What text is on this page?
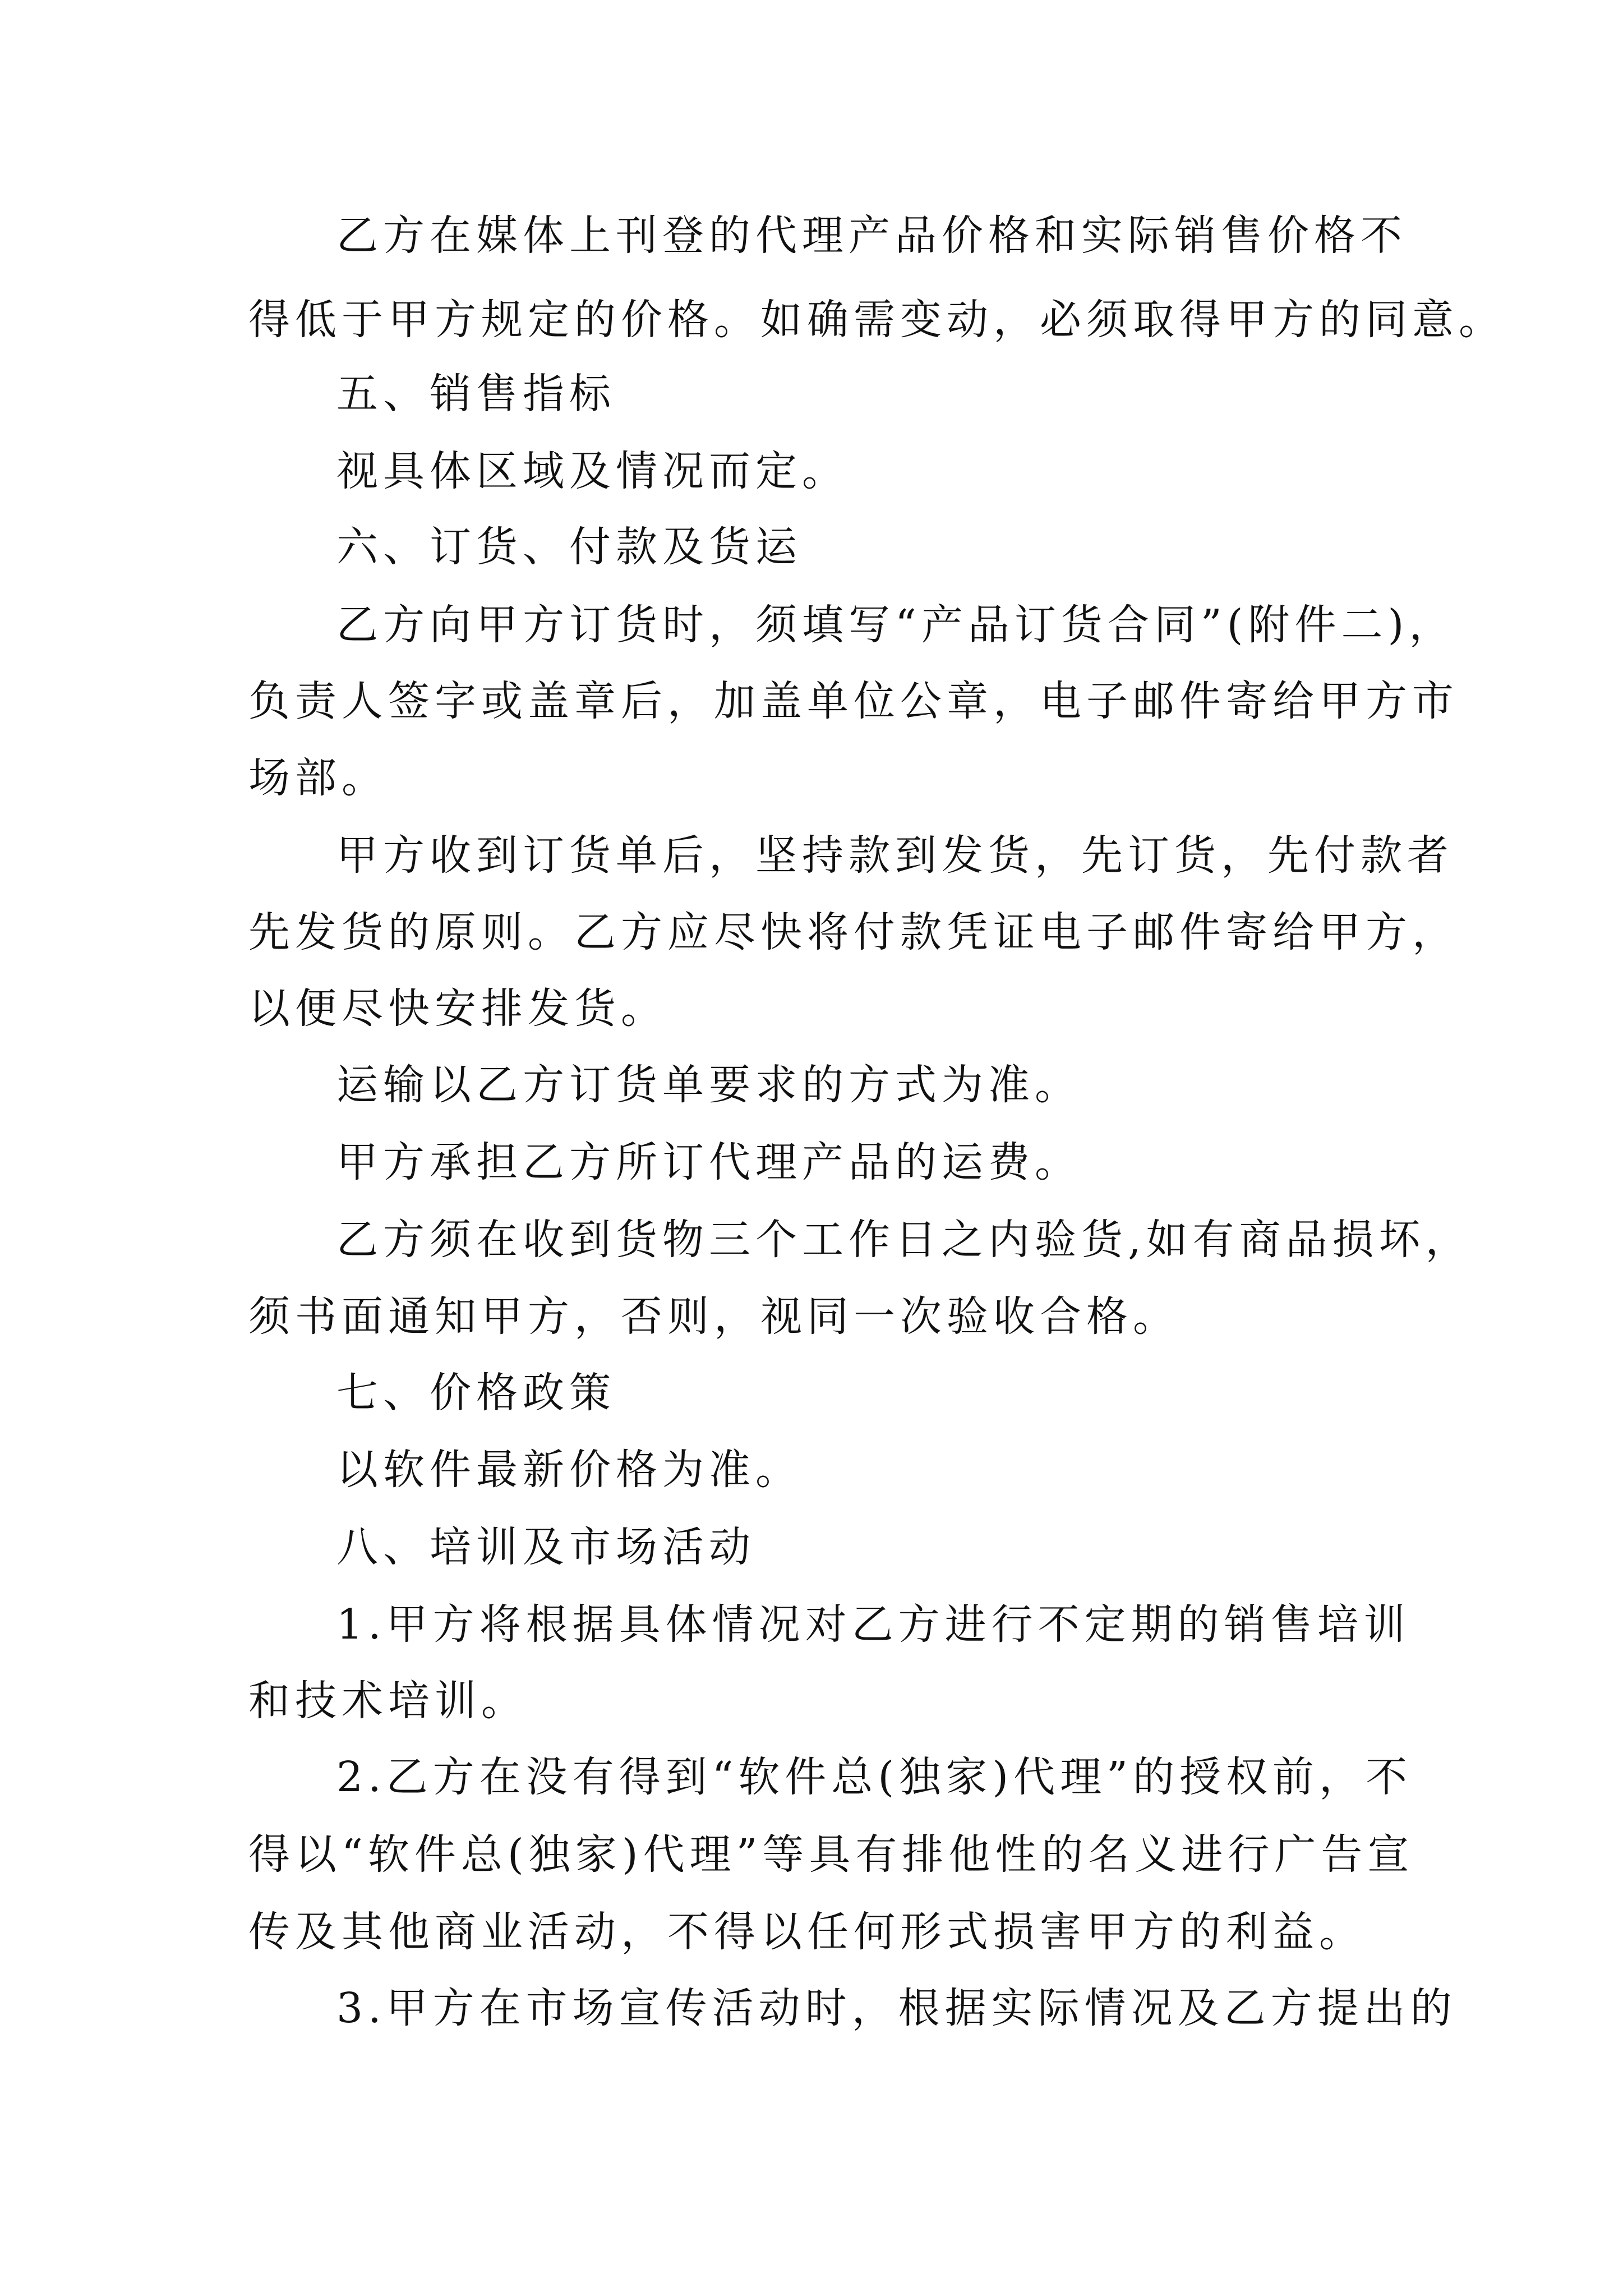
乙方在媒体上刊登的代理产品价格和实际销售价格不
得低于甲方规定的价格。如确需变动，必须取得甲方的同意。
五、销售指标
视具体区域及情况而定。
六、订货、付款及货运
乙方向甲方订货时，须填写“产品订货合同”(附件二)，
负责人签字或盖章后，加盖单位公章，电子邮件寄给甲方市
场部。
甲方收到订货单后，坚持款到发货，先订货，先付款者
先发货的原则。乙方应尽快将付款凭证电子邮件寄给甲方，
以便尽快安排发货。
运输以乙方订货单要求的方式为准。
甲方承担乙方所订代理产品的运费。
乙方须在收到货物三个工作日之内验货,如有商品损坏，
须书面通知甲方，否则，视同一次验收合格。
七、价格政策
以软件最新价格为准。
八、培训及市场活动
1.甲方将根据具体情况对乙方进行不定期的销售培训
和技术培训。
2.乙方在没有得到“软件总(独家)代理”的授权前，不
得以“软件总(独家)代理”等具有排他性的名义进行广告宣
传及其他商业活动，不得以任何形式损害甲方的利益。
3.甲方在市场宣传活动时，根据实际情况及乙方提出的
